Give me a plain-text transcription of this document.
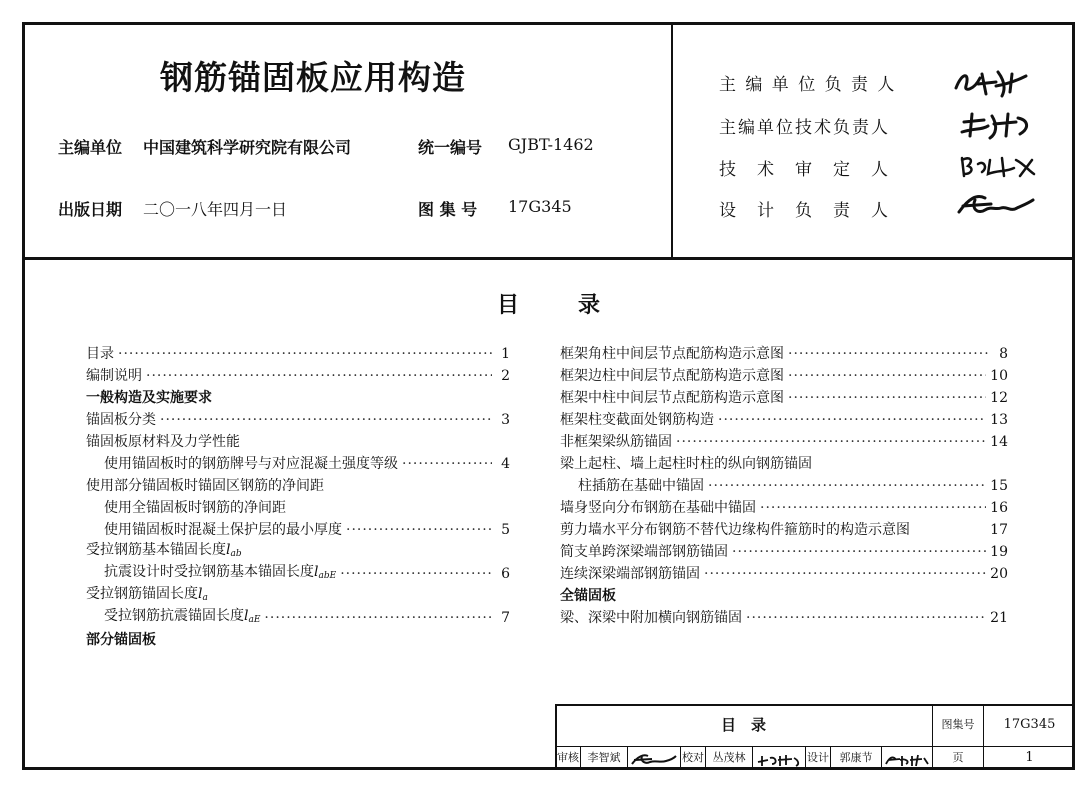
钢筋锚固板应用构造
主编单位 中国建筑科学研究院有限公司	统一编号 GJBT-1462
出版日期 二〇一八年四月一日	图 集 号 17G345
主 编 单 位 负 责 人
主编单位技术负责人
技　术　审　定　人
设　计　负　责　人
目	录
目录 ·····	1
编制说明 ·····	2
一般构造及实施要求
锚固板分类 ·····	3
锚固板原材料及力学性能
使用锚固板时的钢筋牌号与对应混凝土强度等级 ·····	4
使用部分锚固板时锚固区钢筋的净间距
使用全锚固板时钢筋的净间距
使用锚固板时混凝土保护层的最小厚度 ·····	5
受拉钢筋基本锚固长度$l_{ab}$
抗震设计时受拉钢筋基本锚固长度$l_{abE}$ ·····	6
受拉钢筋锚固长度$l_a$
受拉钢筋抗震锚固长度$l_{aE}$ ·····	7
部分锚固板
框架角柱中间层节点配筋构造示意图 ·····	8
框架边柱中间层节点配筋构造示意图 ·····	10
框架中柱中间层节点配筋构造示意图 ·····	12
框架柱变截面处钢筋构造 ·····	13
非框架梁纵筋锚固 ·····	14
梁上起柱、墙上起柱时柱的纵向钢筋锚固
柱插筋在基础中锚固 ·····	15
墙身竖向分布钢筋在基础中锚固 ·····	16
剪力墙水平分布钢筋不替代边缘构件箍筋时的构造示意图	17
简支单跨深梁端部钢筋锚固 ·····	19
连续深梁端部钢筋锚固 ·····	20
全锚固板
梁、深梁中附加横向钢筋锚固 ·····	21
目　录	图集号	17G345
页	1
审核 李智斌	校对 丛茂林	设计 郭康节
